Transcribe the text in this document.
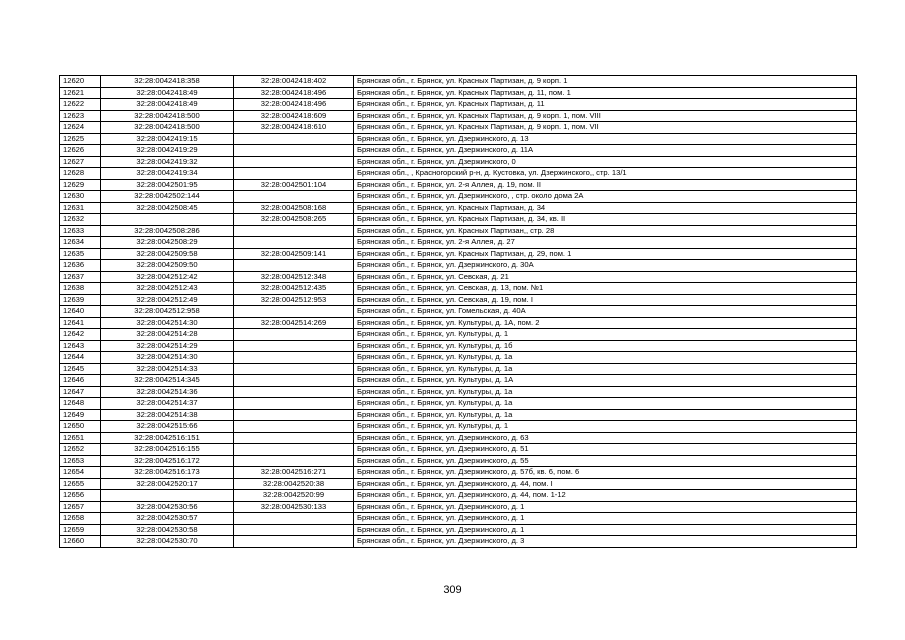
12620	32:28:0042418:358	32:28:0042418:402	Брянская обл., г. Брянск, ул. Красных Партизан, д. 9 корп. 1
12621	32:28:0042418:49	32:28:0042418:496	Брянская обл., г. Брянск, ул. Красных Партизан, д. 11, пом. 1
12622	32:28:0042418:49	32:28:0042418:496	Брянская обл., г. Брянск, ул. Красных Партизан, д. 11
12623	32:28:0042418:500	32:28:0042418:609	Брянская обл., г. Брянск, ул. Красных Партизан, д. 9 корп. 1, пом. VIII
12624	32:28:0042418:500	32:28:0042418:610	Брянская обл., г. Брянск, ул. Красных Партизан, д. 9 корп. 1, пом. VII
12625	32:28:0042419:15		Брянская обл., г. Брянск, ул. Дзержинского, д. 13
12626	32:28:0042419:29		Брянская обл., г. Брянск, ул. Дзержинского, д. 11А
12627	32:28:0042419:32		Брянская обл., г. Брянск, ул. Дзержинского, 0
12628	32:28:0042419:34		Брянская обл., , Красногорский р-н, д. Кустовка, ул. Дзержинского,, стр. 13/1
12629	32:28:0042501:95	32:28:0042501:104	Брянская обл., г. Брянск, ул. 2-я Аллея, д. 19, пом. II
12630	32:28:0042502:144		Брянская обл., г. Брянск, ул. Дзержинского, , стр. около дома 2А
12631	32:28:0042508:45	32:28:0042508:168	Брянская обл., г. Брянск, ул. Красных Партизан, д. 34
12632		32:28:0042508:265	Брянская обл., г. Брянск, ул. Красных Партизан, д. 34, кв. II
12633	32:28:0042508:286		Брянская обл., г. Брянск, ул. Красных Партизан,, стр. 28
12634	32:28:0042508:29		Брянская обл., г. Брянск, ул. 2-я Аллея, д. 27
12635	32:28:0042509:58	32:28:0042509:141	Брянская обл., г. Брянск, ул. Красных Партизан, д. 29, пом. 1
12636	32:28:0042509:50		Брянская обл., г. Брянск, ул. Дзержинского, д. 30А
12637	32:28:0042512:42	32:28:0042512:348	Брянская обл., г. Брянск, ул. Севская, д. 21
12638	32:28:0042512:43	32:28:0042512:435	Брянская обл., г. Брянск, ул. Севская, д. 13, пом. №1
12639	32:28:0042512:49	32:28:0042512:953	Брянская обл., г. Брянск, ул. Севская, д. 19, пом. I
12640	32:28:0042512:958		Брянская обл., г. Брянск, ул. Гомельская, д. 40А
12641	32:28:0042514:30	32:28:0042514:269	Брянская обл., г. Брянск, ул. Культуры, д. 1А, пом. 2
12642	32:28:0042514:28		Брянская обл., г. Брянск, ул. Культуры, д. 1
12643	32:28:0042514:29		Брянская обл., г. Брянск, ул. Культуры, д. 1б
12644	32:28:0042514:30		Брянская обл., г. Брянск, ул. Культуры, д. 1а
12645	32:28:0042514:33		Брянская обл., г. Брянск, ул. Культуры, д. 1а
12646	32:28:0042514:345		Брянская обл., г. Брянск, ул. Культуры, д. 1А
12647	32:28:0042514:36		Брянская обл., г. Брянск, ул. Культуры, д. 1а
12648	32:28:0042514:37		Брянская обл., г. Брянск, ул. Культуры, д. 1а
12649	32:28:0042514:38		Брянская обл., г. Брянск, ул. Культуры, д. 1а
12650	32:28:0042515:66		Брянская обл., г. Брянск, ул. Культуры, д. 1
12651	32:28:0042516:151		Брянская обл., г. Брянск, ул. Дзержинского, д. 63
12652	32:28:0042516:155		Брянская обл., г. Брянск, ул. Дзержинского, д. 51
12653	32:28:0042516:172		Брянская обл., г. Брянск, ул. Дзержинского, д. 55
12654	32:28:0042516:173	32:28:0042516:271	Брянская обл., г. Брянск, ул. Дзержинского, д. 57б, кв. 6, пом. 6
12655	32:28:0042520:17	32:28:0042520:38	Брянская обл., г. Брянск, ул. Дзержинского, д. 44, пом. I
12656		32:28:0042520:99	Брянская обл., г. Брянск, ул. Дзержинского, д. 44, пом. 1-12
12657	32:28:0042530:56	32:28:0042530:133	Брянская обл., г. Брянск, ул. Дзержинского, д. 1
12658	32:28:0042530:57		Брянская обл., г. Брянск, ул. Дзержинского, д. 1
12659	32:28:0042530:58		Брянская обл., г. Брянск, ул. Дзержинского, д. 1
12660	32:28:0042530:70		Брянская обл., г. Брянск, ул. Дзержинского, д. 3
309
